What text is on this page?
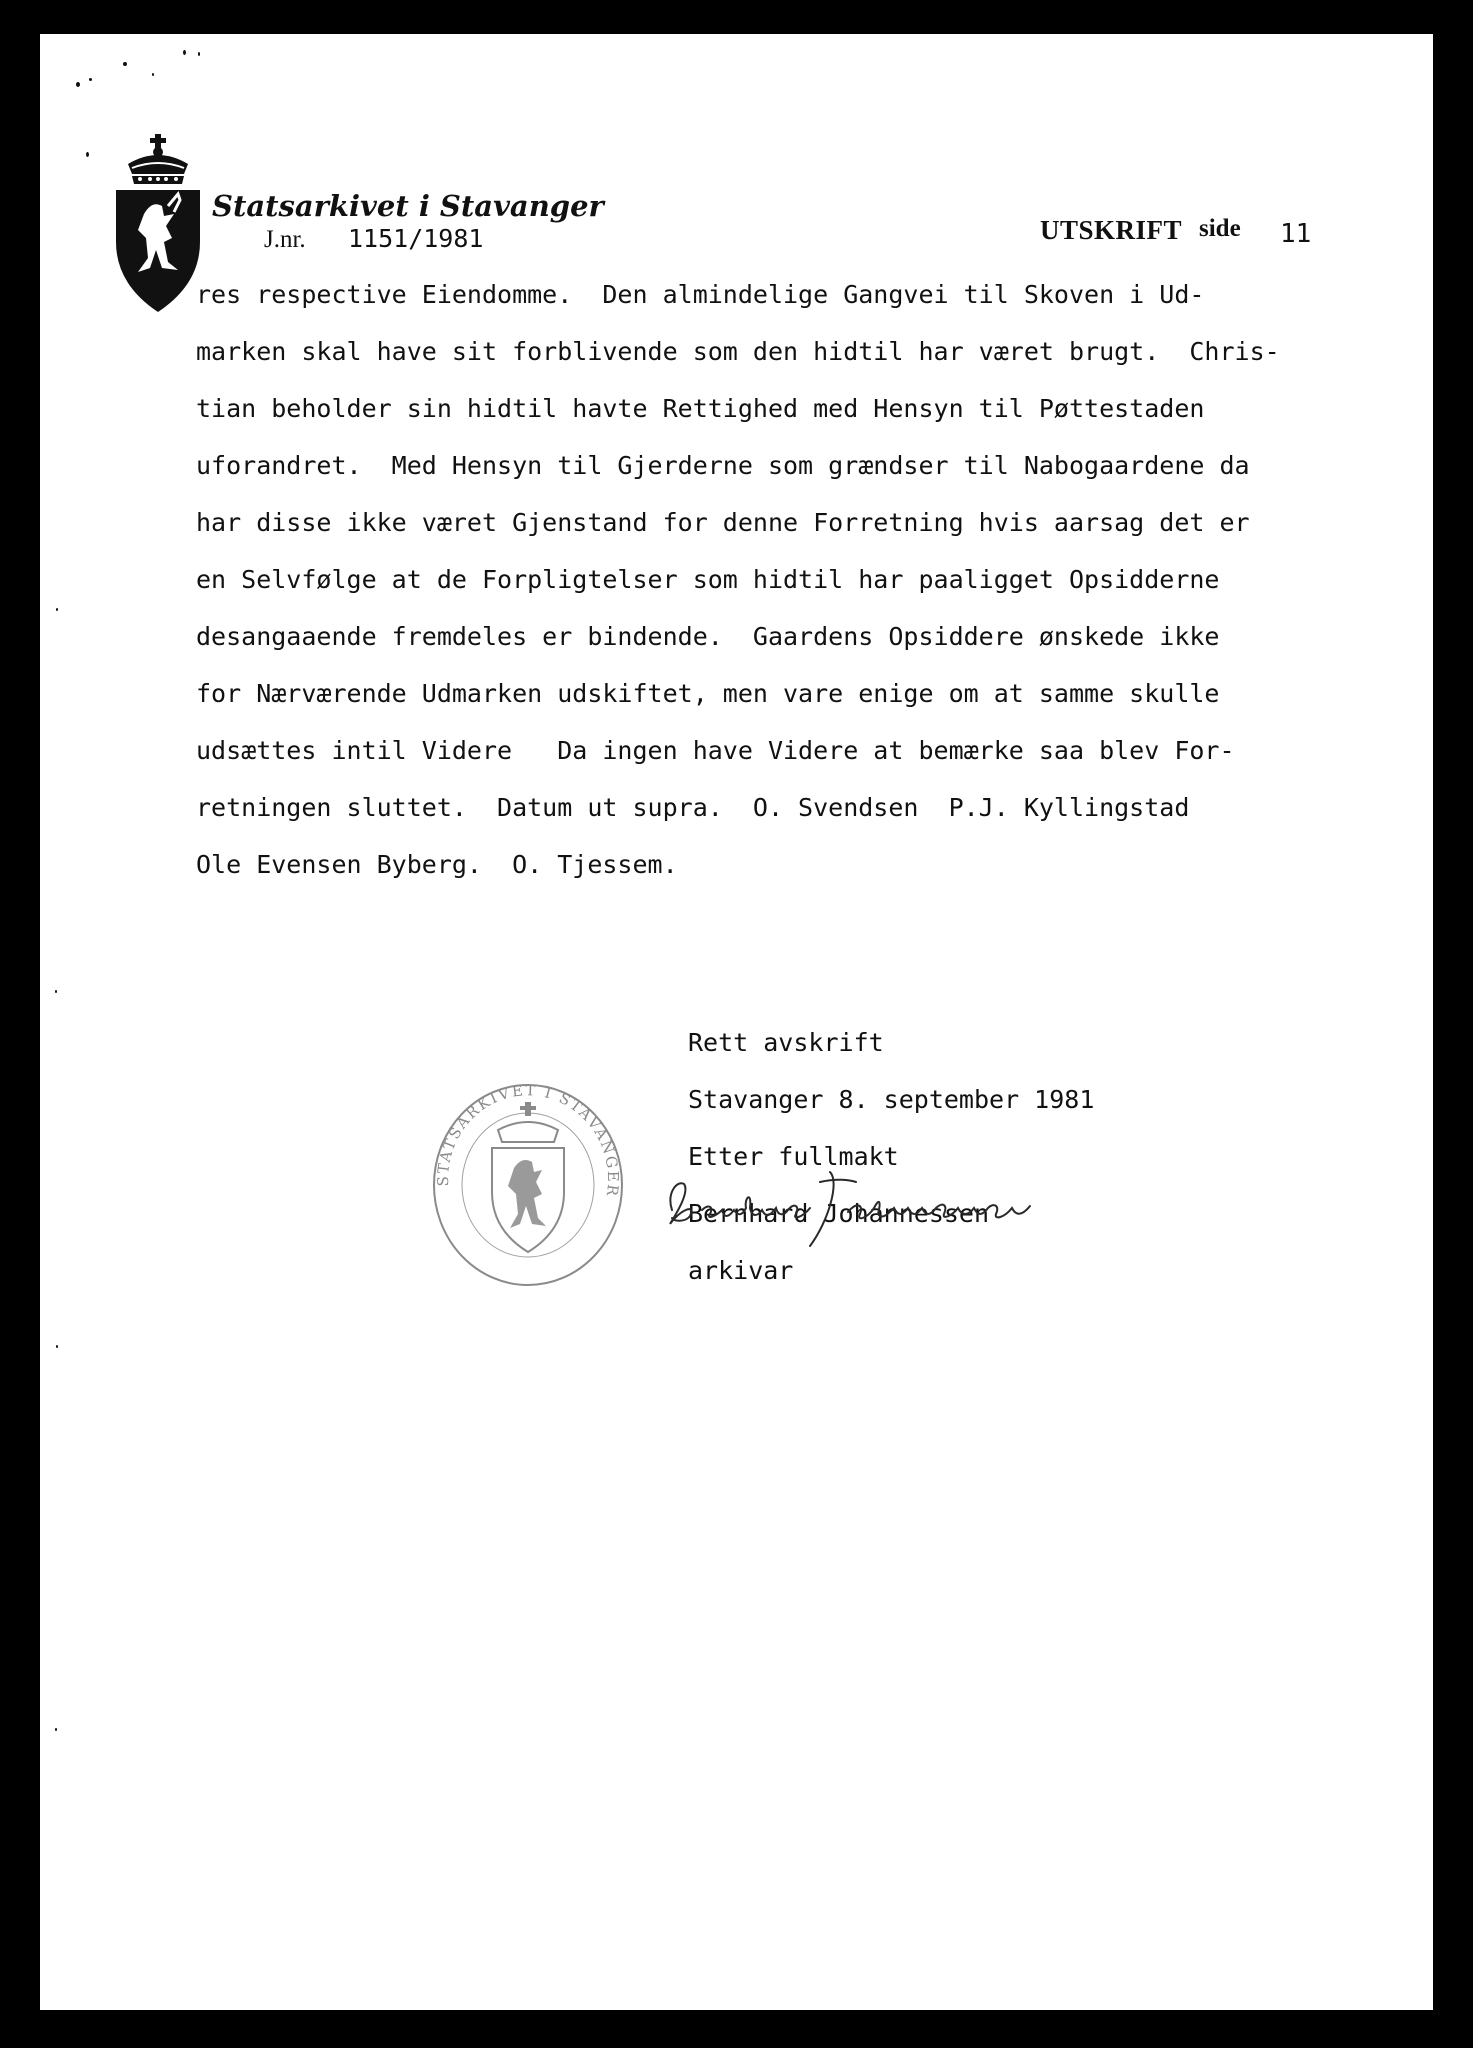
Statsarkivet i Stavanger
J.nr. 1151/1981	UTSKRIFT side 11
res respective Eiendomme.  Den almindelige Gangvei til Skoven i Ud-
marken skal have sit forblivende som den hidtil har været brugt.  Chris-
tian beholder sin hidtil havte Rettighed med Hensyn til Pøttestaden
uforandret.  Med Hensyn til Gjerderne som grændser til Nabogaardene da
har disse ikke været Gjenstand for denne Forretning hvis aarsag det er
en Selvfølge at de Forpligtelser som hidtil har paaligget Opsidderne
desangaaende fremdeles er bindende.  Gaardens Opsiddere ønskede ikke
for Nærværende Udmarken udskiftet, men vare enige om at samme skulle
udsættes intil Videre   Da ingen have Videre at bemærke saa blev For-
retningen sluttet.  Datum ut supra.  O. Svendsen  P.J. Kyllingstad
Ole Evensen Byberg.  O. Tjessem.
STATSARKIVET I STAVANGER
Rett avskrift
Stavanger 8. september 1981
Etter fullmakt
Bernhard Johannessen
arkivar
